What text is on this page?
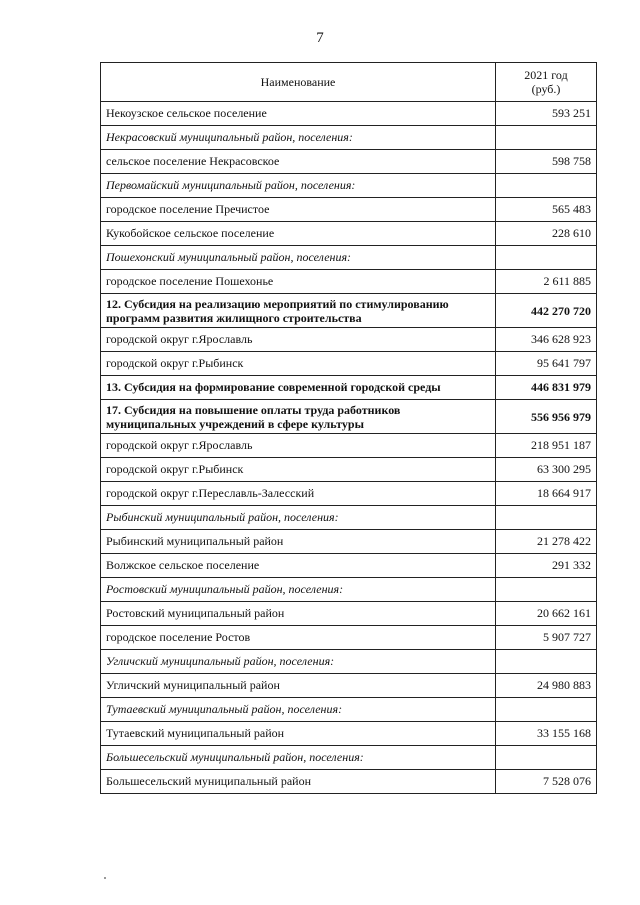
7
Наименование	2021 год
(руб.)
Некоузское сельское поселение	593 251
Некрасовский муниципальный район, поселения:	
сельское поселение Некрасовское	598 758
Первомайский муниципальный район, поселения:	
городское поселение Пречистое	565 483
Кукобойское сельское поселение	228 610
Пошехонский муниципальный район, поселения:	
городское поселение Пошехонье	2 611 885
12. Субсидия на реализацию мероприятий по стимулированию программ развития жилищного строительства	442 270 720
городской округ г.Ярославль	346 628 923
городской округ г.Рыбинск	95 641 797
13. Субсидия на формирование современной городской среды	446 831 979
17. Субсидия на повышение оплаты труда работников муниципальных учреждений в сфере культуры	556 956 979
городской округ г.Ярославль	218 951 187
городской округ г.Рыбинск	63 300 295
городской округ г.Переславль-Залесский	18 664 917
Рыбинский муниципальный район, поселения:	
Рыбинский муниципальный район	21 278 422
Волжское сельское поселение	291 332
Ростовский муниципальный район, поселения:	
Ростовский муниципальный район	20 662 161
городское поселение Ростов	5 907 727
Угличский муниципальный район, поселения:	
Угличский муниципальный район	24 980 883
Тутаевский муниципальный район, поселения:	
Тутаевский муниципальный район	33 155 168
Большесельский муниципальный район, поселения:	
Большесельский муниципальный район	7 528 076
